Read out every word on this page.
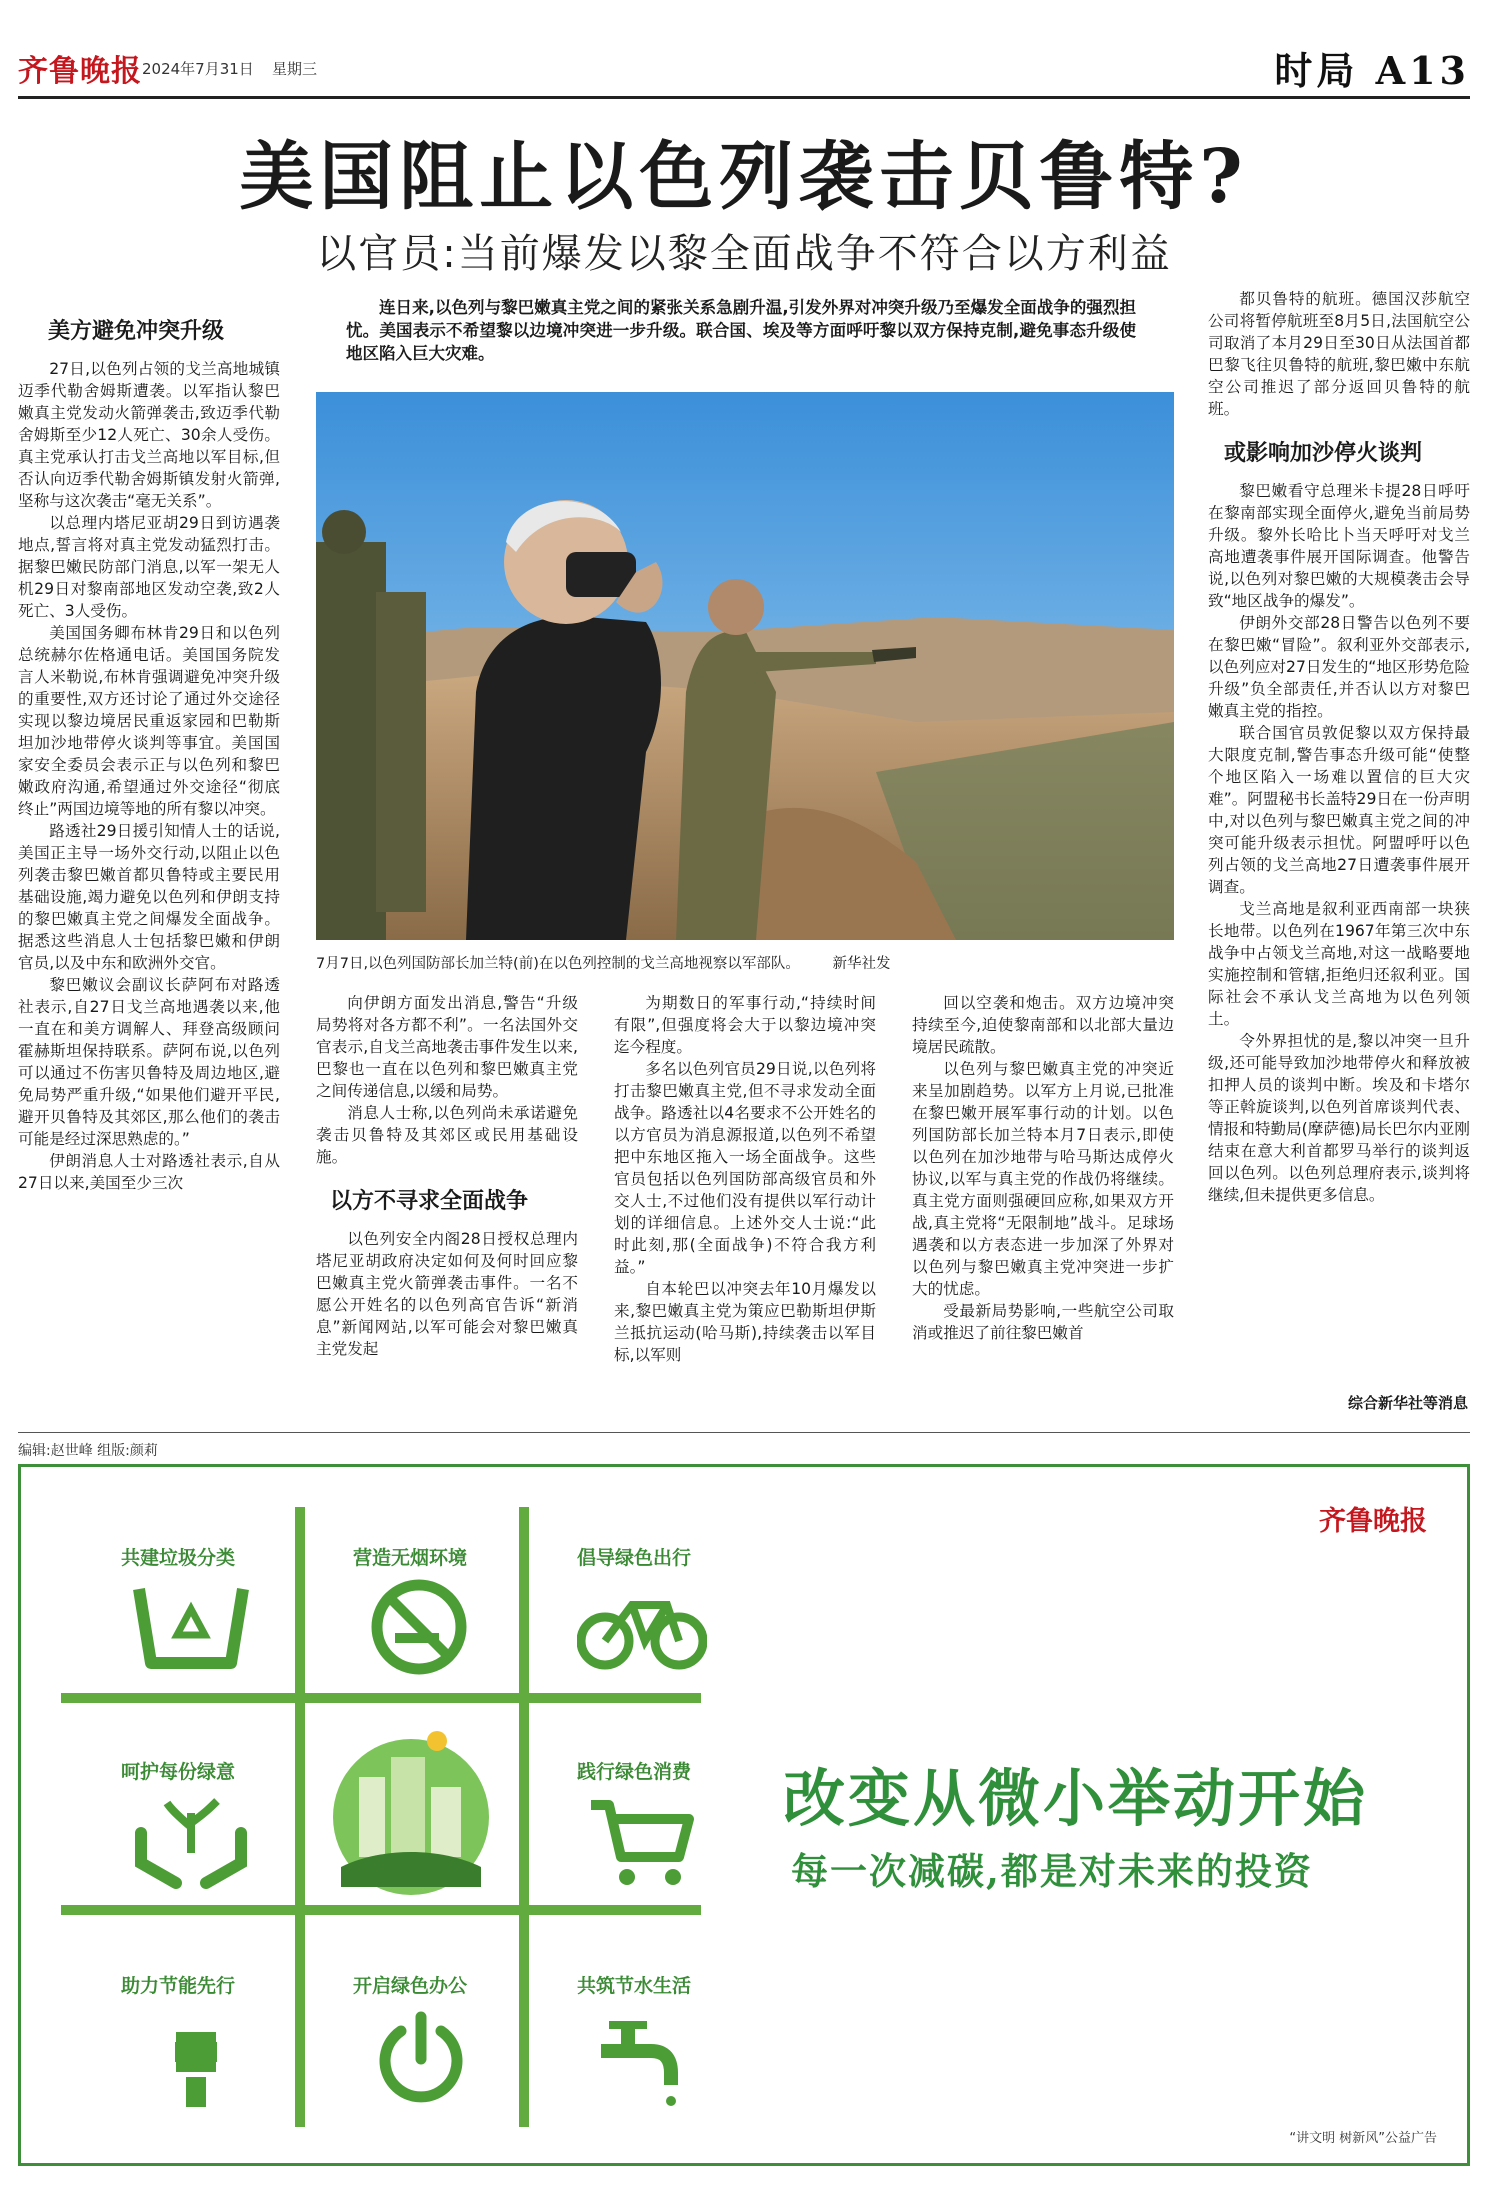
齐鲁晚报 2024年7月31日 星期三	时局 A13
美国阻止以色列袭击贝鲁特?
以官员:当前爆发以黎全面战争不符合以方利益

连日来,以色列与黎巴嫩真主党之间的紧张关系急剧升温,引发外界对冲突升级乃至爆发全面战争的强烈担忧。美国表示不希望黎以边境冲突进一步升级。联合国、埃及等方面呼吁黎以双方保持克制,避免事态升级使地区陷入巨大灾难。

7月7日,以色列国防部长加兰特(前)在以色列控制的戈兰高地视察以军部队。 新华社发
美方避免冲突升级

27日,以色列占领的戈兰高地城镇迈季代勒舍姆斯遭袭。以军指认黎巴嫩真主党发动火箭弹袭击,致迈季代勒舍姆斯至少12人死亡、30余人受伤。真主党承认打击戈兰高地以军目标,但否认向迈季代勒舍姆斯镇发射火箭弹,坚称与这次袭击“毫无关系”。

以总理内塔尼亚胡29日到访遇袭地点,誓言将对真主党发动猛烈打击。据黎巴嫩民防部门消息,以军一架无人机29日对黎南部地区发动空袭,致2人死亡、3人受伤。

美国国务卿布林肯29日和以色列总统赫尔佐格通电话。美国国务院发言人米勒说,布林肯强调避免冲突升级的重要性,双方还讨论了通过外交途径实现以黎边境居民重返家园和巴勒斯坦加沙地带停火谈判等事宜。美国国家安全委员会表示正与以色列和黎巴嫩政府沟通,希望通过外交途径“彻底终止”两国边境等地的所有黎以冲突。

路透社29日援引知情人士的话说,美国正主导一场外交行动,以阻止以色列袭击黎巴嫩首都贝鲁特或主要民用基础设施,竭力避免以色列和伊朗支持的黎巴嫩真主党之间爆发全面战争。据悉这些消息人士包括黎巴嫩和伊朗官员,以及中东和欧洲外交官。

黎巴嫩议会副议长萨阿布对路透社表示,自27日戈兰高地遇袭以来,他一直在和美方调解人、拜登高级顾问霍赫斯坦保持联系。萨阿布说,以色列可以通过不伤害贝鲁特及周边地区,避免局势严重升级,“如果他们避开平民,避开贝鲁特及其郊区,那么他们的袭击可能是经过深思熟虑的。”

伊朗消息人士对路透社表示,自从27日以来,美国至少三次

向伊朗方面发出消息,警告“升级局势将对各方都不利”。一名法国外交官表示,自戈兰高地袭击事件发生以来,巴黎也一直在以色列和黎巴嫩真主党之间传递信息,以缓和局势。

消息人士称,以色列尚未承诺避免袭击贝鲁特及其郊区或民用基础设施。

以方不寻求全面战争

以色列安全内阁28日授权总理内塔尼亚胡政府决定如何及何时回应黎巴嫩真主党火箭弹袭击事件。一名不愿公开姓名的以色列高官告诉“新消息”新闻网站,以军可能会对黎巴嫩真主党发起

为期数日的军事行动,“持续时间有限”,但强度将会大于以黎边境冲突迄今程度。

多名以色列官员29日说,以色列将打击黎巴嫩真主党,但不寻求发动全面战争。路透社以4名要求不公开姓名的以方官员为消息源报道,以色列不希望把中东地区拖入一场全面战争。这些官员包括以色列国防部高级官员和外交人士,不过他们没有提供以军行动计划的详细信息。上述外交人士说:“此时此刻,那(全面战争)不符合我方利益。”

自本轮巴以冲突去年10月爆发以来,黎巴嫩真主党为策应巴勒斯坦伊斯兰抵抗运动(哈马斯),持续袭击以军目标,以军则

回以空袭和炮击。双方边境冲突持续至今,迫使黎南部和以北部大量边境居民疏散。

以色列与黎巴嫩真主党的冲突近来呈加剧趋势。以军方上月说,已批准在黎巴嫩开展军事行动的计划。以色列国防部长加兰特本月7日表示,即使以色列在加沙地带与哈马斯达成停火协议,以军与真主党的作战仍将继续。真主党方面则强硬回应称,如果双方开战,真主党将“无限制地”战斗。足球场遇袭和以方表态进一步加深了外界对以色列与黎巴嫩真主党冲突进一步扩大的忧虑。

受最新局势影响,一些航空公司取消或推迟了前往黎巴嫩首

都贝鲁特的航班。德国汉莎航空公司将暂停航班至8月5日,法国航空公司取消了本月29日至30日从法国首都巴黎飞往贝鲁特的航班,黎巴嫩中东航空公司推迟了部分返回贝鲁特的航班。

或影响加沙停火谈判

黎巴嫩看守总理米卡提28日呼吁在黎南部实现全面停火,避免当前局势升级。黎外长哈比卜当天呼吁对戈兰高地遭袭事件展开国际调查。他警告说,以色列对黎巴嫩的大规模袭击会导致“地区战争的爆发”。

伊朗外交部28日警告以色列不要在黎巴嫩“冒险”。叙利亚外交部表示,以色列应对27日发生的“地区形势危险升级”负全部责任,并否认以方对黎巴嫩真主党的指控。

联合国官员敦促黎以双方保持最大限度克制,警告事态升级可能“使整个地区陷入一场难以置信的巨大灾难”。阿盟秘书长盖特29日在一份声明中,对以色列与黎巴嫩真主党之间的冲突可能升级表示担忧。阿盟呼吁以色列占领的戈兰高地27日遭袭事件展开调查。

戈兰高地是叙利亚西南部一块狭长地带。以色列在1967年第三次中东战争中占领戈兰高地,对这一战略要地实施控制和管辖,拒绝归还叙利亚。国际社会不承认戈兰高地为以色列领土。

令外界担忧的是,黎以冲突一旦升级,还可能导致加沙地带停火和释放被扣押人员的谈判中断。埃及和卡塔尔等正斡旋谈判,以色列首席谈判代表、情报和特勤局(摩萨德)局长巴尔内亚刚结束在意大利首都罗马举行的谈判返回以色列。以色列总理府表示,谈判将继续,但未提供更多信息。

综合新华社等消息
编辑:赵世峰 组版:颜莉
共建垃圾分类	营造无烟环境	倡导绿色出行
呵护每份绿意	践行绿色消费
助力节能先行	开启绿色办公	共筑节水生活
齐鲁晚报
改变从微小举动开始
每一次减碳,都是对未来的投资
“讲文明 树新风”公益广告
